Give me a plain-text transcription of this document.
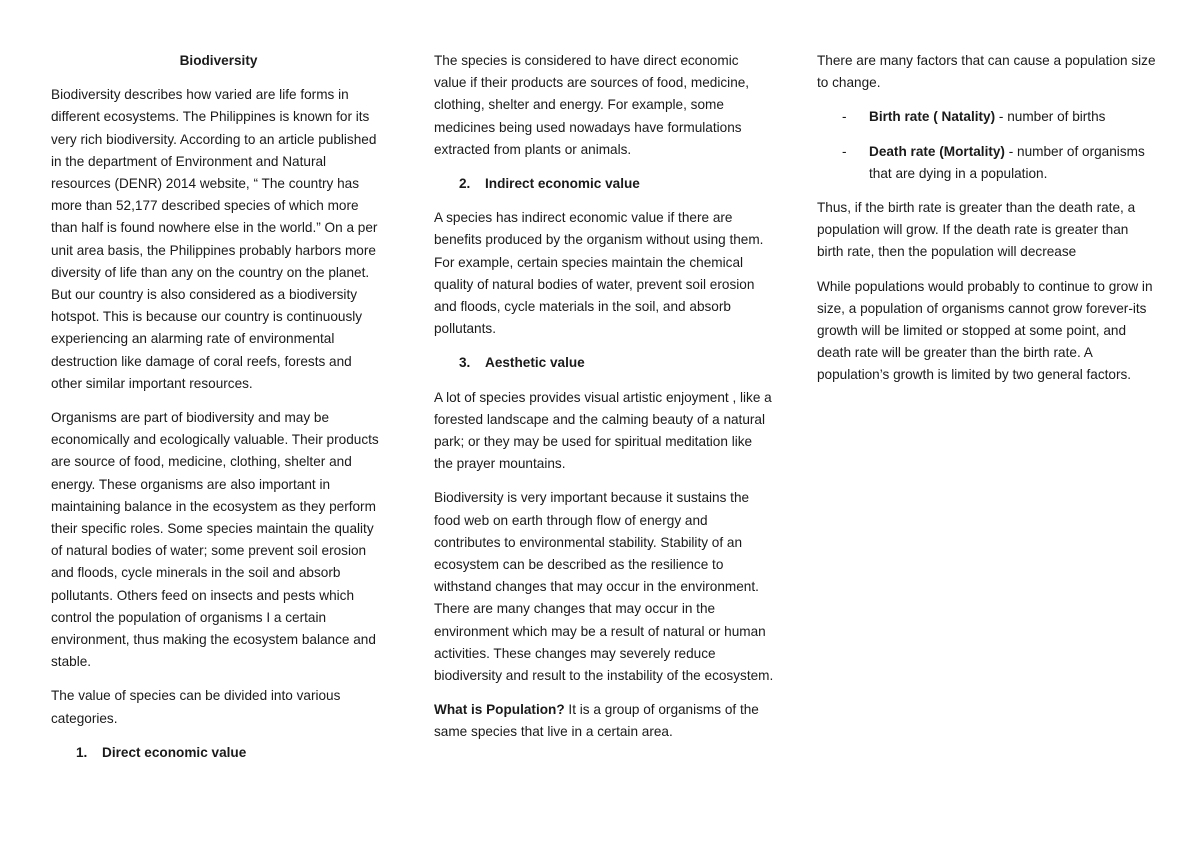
Biodiversity

Biodiversity describes how varied are life forms in different ecosystems. The Philippines is known for its very rich biodiversity. According to an article published in the department of Environment and Natural resources (DENR) 2014 website, “ The country has more than 52,177 described species of which more than half is found nowhere else in the world.” On a per unit area basis, the Philippines probably harbors more diversity of life than any on the country on the planet. But our country is also considered as a biodiversity hotspot. This is because our country is continuously experiencing an alarming rate of environmental destruction like damage of coral reefs, forests and other similar important resources.

Organisms are part of biodiversity and may be economically and ecologically valuable. Their products are source of food, medicine, clothing, shelter and energy. These organisms are also important in maintaining balance in the ecosystem as they perform their specific roles. Some species maintain the quality of natural bodies of water; some prevent soil erosion and floods, cycle minerals in the soil and absorb pollutants. Others feed on insects and pests which control the population of organisms I a certain environment, thus making the ecosystem balance and stable.

The value of species can be divided into various categories.

1. Direct economic value

The species is considered to have direct economic value if their products are sources of food, medicine, clothing, shelter and energy. For example, some medicines being used nowadays have formulations extracted from plants or animals.

2. Indirect economic value

A species has indirect economic value if there are benefits produced by the organism without using them. For example, certain species maintain the chemical quality of natural bodies of water, prevent soil erosion and floods, cycle materials in the soil, and absorb pollutants.

3. Aesthetic value

A lot of species provides visual artistic enjoyment , like a forested landscape and the calming beauty of a natural park; or they may be used for spiritual meditation like the prayer mountains.

Biodiversity is very important because it sustains the food web on earth through flow of energy and contributes to environmental stability. Stability of an ecosystem can be described as the resilience to withstand changes that may occur in the environment. There are many changes that may occur in the environment which may be a result of natural or human activities. These changes may severely reduce biodiversity and result to the instability of the ecosystem.

What is Population? It is a group of organisms of the same species that live in a certain area.

There are many factors that can cause a population size to change.

-	Birth rate ( Natality) - number of births
-	Death rate (Mortality) - number of organisms that are dying in a population.

Thus, if the birth rate is greater than the death rate, a population will grow. If the death rate is greater than birth rate, then the population will decrease

While populations would probably to continue to grow in size, a population of organisms cannot grow forever-its growth will be limited or stopped at some point, and death rate will be greater than the birth rate. A population’s growth is limited by two general factors.
